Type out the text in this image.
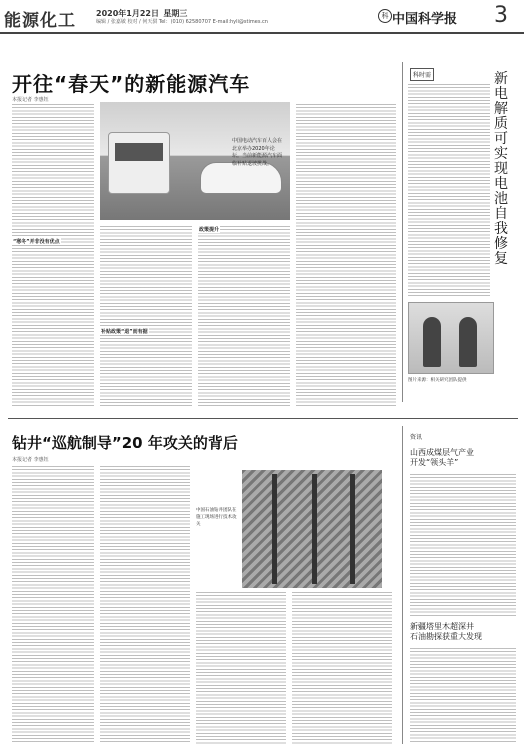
能源化工	2020年1月22日 星期三
编辑 / 张嘉敏 校对 / 何天骐 Tel：(010) 62580707 E-mail:hyli@stimes.cn
科 中国科学报 3
开往“春天”的新能源汽车
本报记者 李惠钰
“寒冬”并非没有优点
中国电动汽车百人会在北京举办2020年论坛。当前新能源汽车面临补贴退坡挑战。
补贴政策“退”而有据
政策提升
科时需	新电解质可实现电池自我修复
图片来源：相关研究团队提供
钻井“巡航制导”20 年攻关的背后
本报记者 李惠钰
中国石油钻井团队在施工现场进行技术攻关
资讯
山西成煤层气产业
开发“领头羊”
新疆塔里木超深井
石油勘探获重大发现
